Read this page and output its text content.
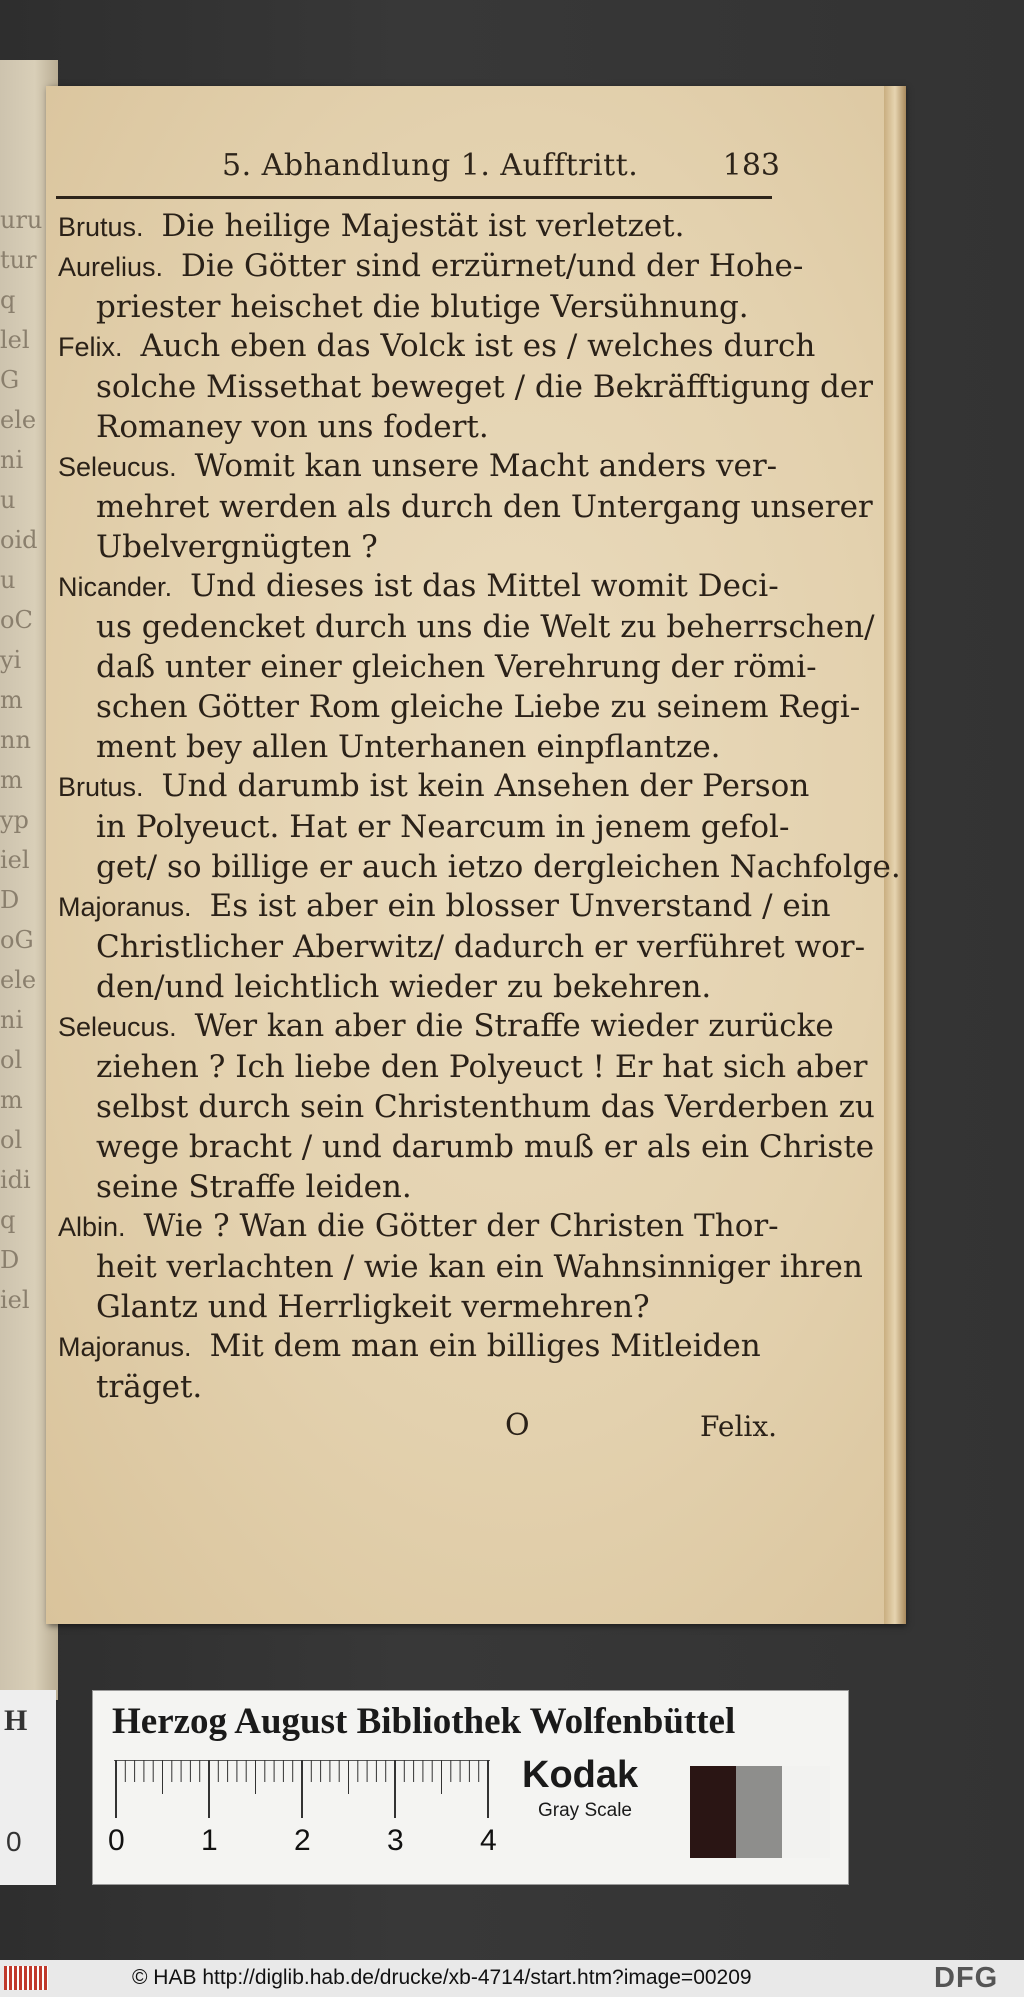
uru
tur
q
lel
G
ele
ni
u
oid
u
oC
yi
m
nn
m
yp
iel
D
oG
ele
ni
ol
m
ol
idi
q
D
iel
5. Abhandlung 1. Aufftritt.	183
Brutus. Die heilige Majestät ist verletzet.
Aurelius. Die Götter sind erzürnet/und der Hohe-
priester heischet die blutige Versühnung.
Felix. Auch eben das Volck ist es / welches durch
solche Missethat beweget / die Bekräfftigung der
Romaney von uns fodert.
Seleucus. Womit kan unsere Macht anders ver-
mehret werden als durch den Untergang unserer
Ubelvergnügten ?
Nicander. Und dieses ist das Mittel womit Deci-
us gedencket durch uns die Welt zu beherrschen/
daß unter einer gleichen Verehrung der römi-
schen Götter Rom gleiche Liebe zu seinem Regi-
ment bey allen Unterhanen einpflantze.
Brutus. Und darumb ist kein Ansehen der Person
in Polyeuct. Hat er Nearcum in jenem gefol-
get/ so billige er auch ietzo dergleichen Nachfolge.
Majoranus. Es ist aber ein blosser Unverstand / ein
Christlicher Aberwitz/ dadurch er verführet wor-
den/und leichtlich wieder zu bekehren.
Seleucus. Wer kan aber die Straffe wieder zurücke
ziehen ? Ich liebe den Polyeuct ! Er hat sich aber
selbst durch sein Christenthum das Verderben zu
wege bracht / und darumb muß er als ein Christe
seine Straffe leiden.
Albin. Wie ? Wan die Götter der Christen Thor-
heit verlachten / wie kan ein Wahnsinniger ihren
Glantz und Herrligkeit vermehren?
Majoranus. Mit dem man ein billiges Mitleiden
träget.
O	Felix.
H
0
Herzog August Bibliothek Wolfenbüttel
0	1	2	3	4
Kodak
Gray Scale
© HAB http://diglib.hab.de/drucke/xb-4714/start.htm?image=00209	DFG
